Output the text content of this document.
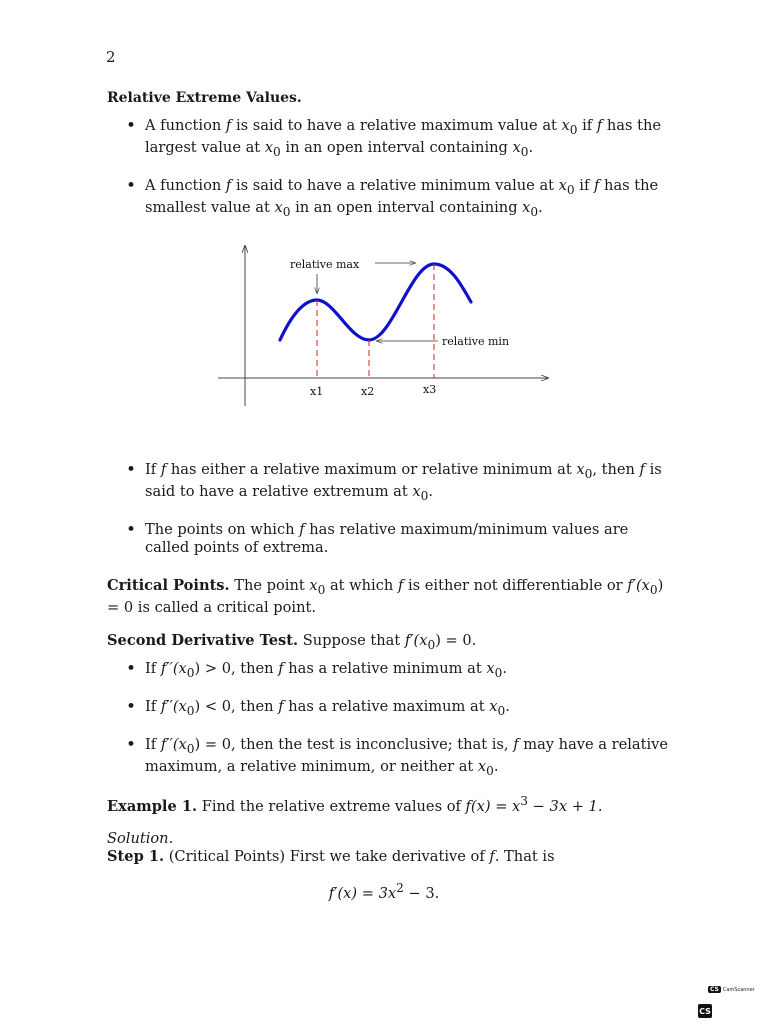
2
Relative Extreme Values.
• A function f is said to have a relative maximum value at $x_0$ if f has the largest value at $x_0$ in an open interval containing $x_0$.
• A function f is said to have a relative minimum value at $x_0$ if f has the smallest value at $x_0$ in an open interval containing $x_0$.
relative max
relative min
x1	x2	x3
• If f has either a relative maximum or relative minimum at $x_0$, then f is said to have a relative extremum at $x_0$.
• The points on which f has relative maximum/minimum values are called points of extrema.
Critical Points. The point $x_0$ at which f is either not differentiable or $f'(x_0) = 0$ is called a critical point.
Second Derivative Test. Suppose that $f'(x_0) = 0$.
• If $f''(x_0) > 0$, then f has a relative minimum at $x_0$.
• If $f''(x_0) < 0$, then f has a relative maximum at $x_0$.
• If $f''(x_0) = 0$, then the test is inconclusive; that is, f may have a relative maximum, a relative minimum, or neither at $x_0$.
Example 1. Find the relative extreme values of $f(x) = x^3 - 3x + 1$.
Solution.
Step 1. (Critical Points) First we take derivative of f. That is
$f'(x) = 3x^2 - 3$.
CS CamScanner
CS
